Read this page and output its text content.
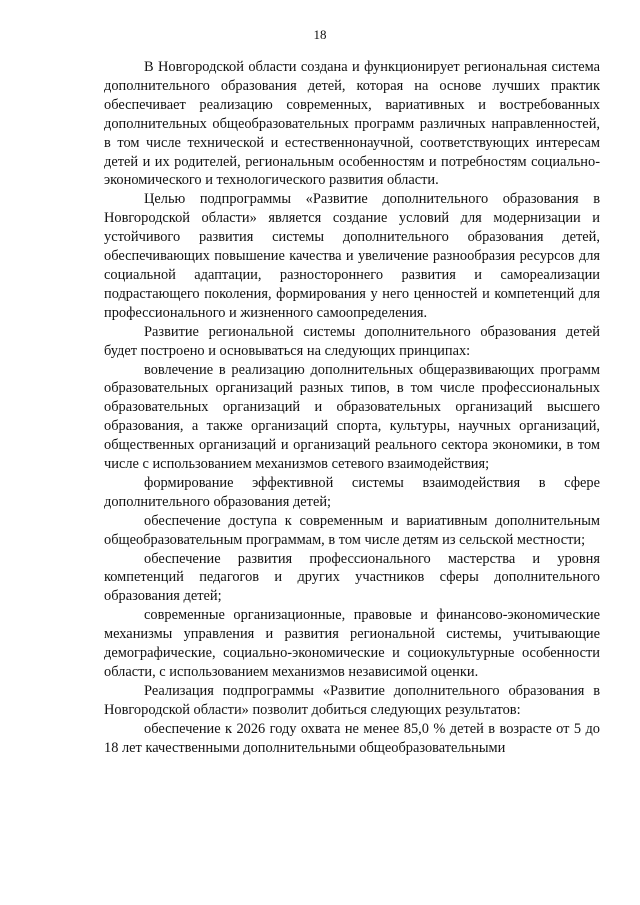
18

В Новгородской области создана и функционирует региональная система дополнительного образования детей, которая на основе лучших практик обеспечивает реализацию современных, вариативных и востребованных дополнительных общеобразовательных программ различных направленностей, в том числе технической и естественнонаучной, соответствующих интересам детей и их родителей, региональным особенностям и потребностям социально-экономического и технологического развития области.

Целью подпрограммы «Развитие дополнительного образования в Новгородской области» является создание условий для модернизации и устойчивого развития системы дополнительного образования детей, обеспечивающих повышение качества и увеличение разнообразия ресурсов для социальной адаптации, разностороннего развития и самореализации подрастающего поколения, формирования у него ценностей и компетенций для профессионального и жизненного самоопределения.

Развитие региональной системы дополнительного образования детей будет построено и основываться на следующих принципах:

вовлечение в реализацию дополнительных общеразвивающих программ образовательных организаций разных типов, в том числе профессиональных образовательных организаций и образовательных организаций высшего образования, а также организаций спорта, культуры, научных организаций, общественных организаций и организаций реального сектора экономики, в том числе с использованием механизмов сетевого взаимодействия;

формирование эффективной системы взаимодействия в сфере дополнительного образования детей;

обеспечение доступа к современным и вариативным дополнительным общеобразовательным программам, в том числе детям из сельской местности;

обеспечение развития профессионального мастерства и уровня компетенций педагогов и других участников сферы дополнительного образования детей;

современные организационные, правовые и финансово-экономические механизмы управления и развития региональной системы, учитывающие демографические, социально-экономические и социокультурные особенности области, с использованием механизмов независимой оценки.

Реализация подпрограммы «Развитие дополнительного образования в Новгородской области» позволит добиться следующих результатов:

обеспечение к 2026 году охвата не менее 85,0 % детей в возрасте от 5 до 18 лет качественными дополнительными общеобразовательными
